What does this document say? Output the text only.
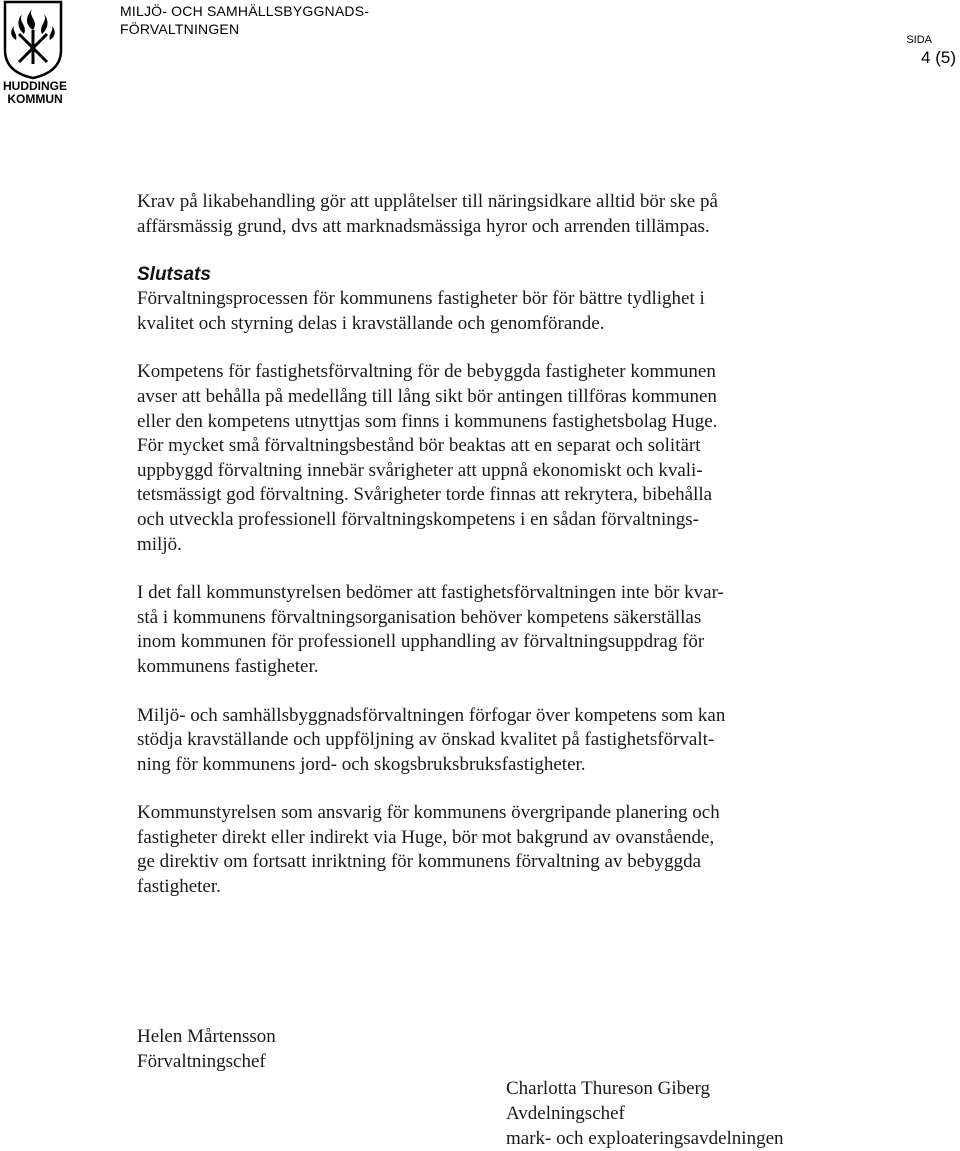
HUDDINGE
KOMMUN
MILJÖ- OCH SAMHÄLLSBYGGNADS-
FÖRVALTNINGEN
SIDA
4 (5)

Krav på likabehandling gör att upplåtelser till näringsidkare alltid bör ske på
affärsmässig grund, dvs att marknadsmässiga hyror och arrenden tillämpas.

Slutsats

Förvaltningsprocessen för kommunens fastigheter bör för bättre tydlighet i
kvalitet och styrning delas i kravställande och genomförande.

Kompetens för fastighetsförvaltning för de bebyggda fastigheter kommunen
avser att behålla på medellång till lång sikt bör antingen tillföras kommunen
eller den kompetens utnyttjas som finns i kommunens fastighetsbolag Huge.
För mycket små förvaltningsbestånd bör beaktas att en separat och solitärt
uppbyggd förvaltning innebär svårigheter att uppnå ekonomiskt och kvali-
tetsmässigt god förvaltning. Svårigheter torde finnas att rekrytera, bibehålla
och utveckla professionell förvaltningskompetens i en sådan förvaltnings-
miljö.

I det fall kommunstyrelsen bedömer att fastighetsförvaltningen inte bör kvar-
stå i kommunens förvaltningsorganisation behöver kompetens säkerställas
inom kommunen för professionell upphandling av förvaltningsuppdrag för
kommunens fastigheter.

Miljö- och samhällsbyggnadsförvaltningen förfogar över kompetens som kan
stödja kravställande och uppföljning av önskad kvalitet på fastighetsförvalt-
ning för kommunens jord- och skogsbruksbruksfastigheter.

Kommunstyrelsen som ansvarig för kommunens övergripande planering och
fastigheter direkt eller indirekt via Huge, bör mot bakgrund av ovanstående,
ge direktiv om fortsatt inriktning för kommunens förvaltning av bebyggda
fastigheter.

Helen Mårtensson
Förvaltningschef
Charlotta Thureson Giberg
Avdelningschef
mark- och exploateringsavdelningen
